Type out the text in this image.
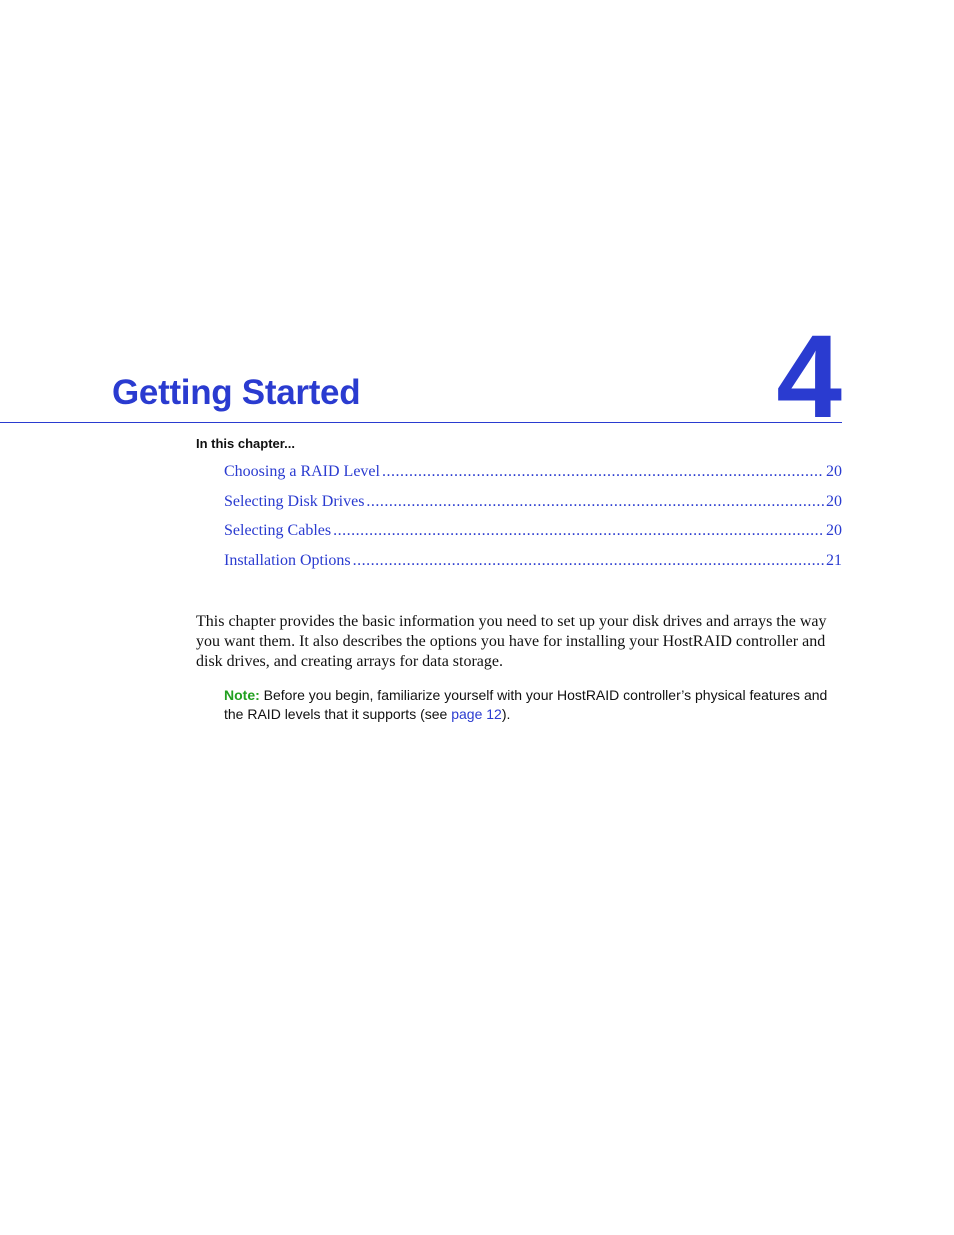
Getting Started	4
In this chapter...
Choosing a RAID Level .....	20
Selecting Disk Drives .....	20
Selecting Cables .....	20
Installation Options .....	21

This chapter provides the basic information you need to set up your disk drives and arrays the way you want them. It also describes the options you have for installing your HostRAID controller and disk drives, and creating arrays for data storage.

Note: Before you begin, familiarize yourself with your HostRAID controller’s physical features and the RAID levels that it supports (see page 12).
